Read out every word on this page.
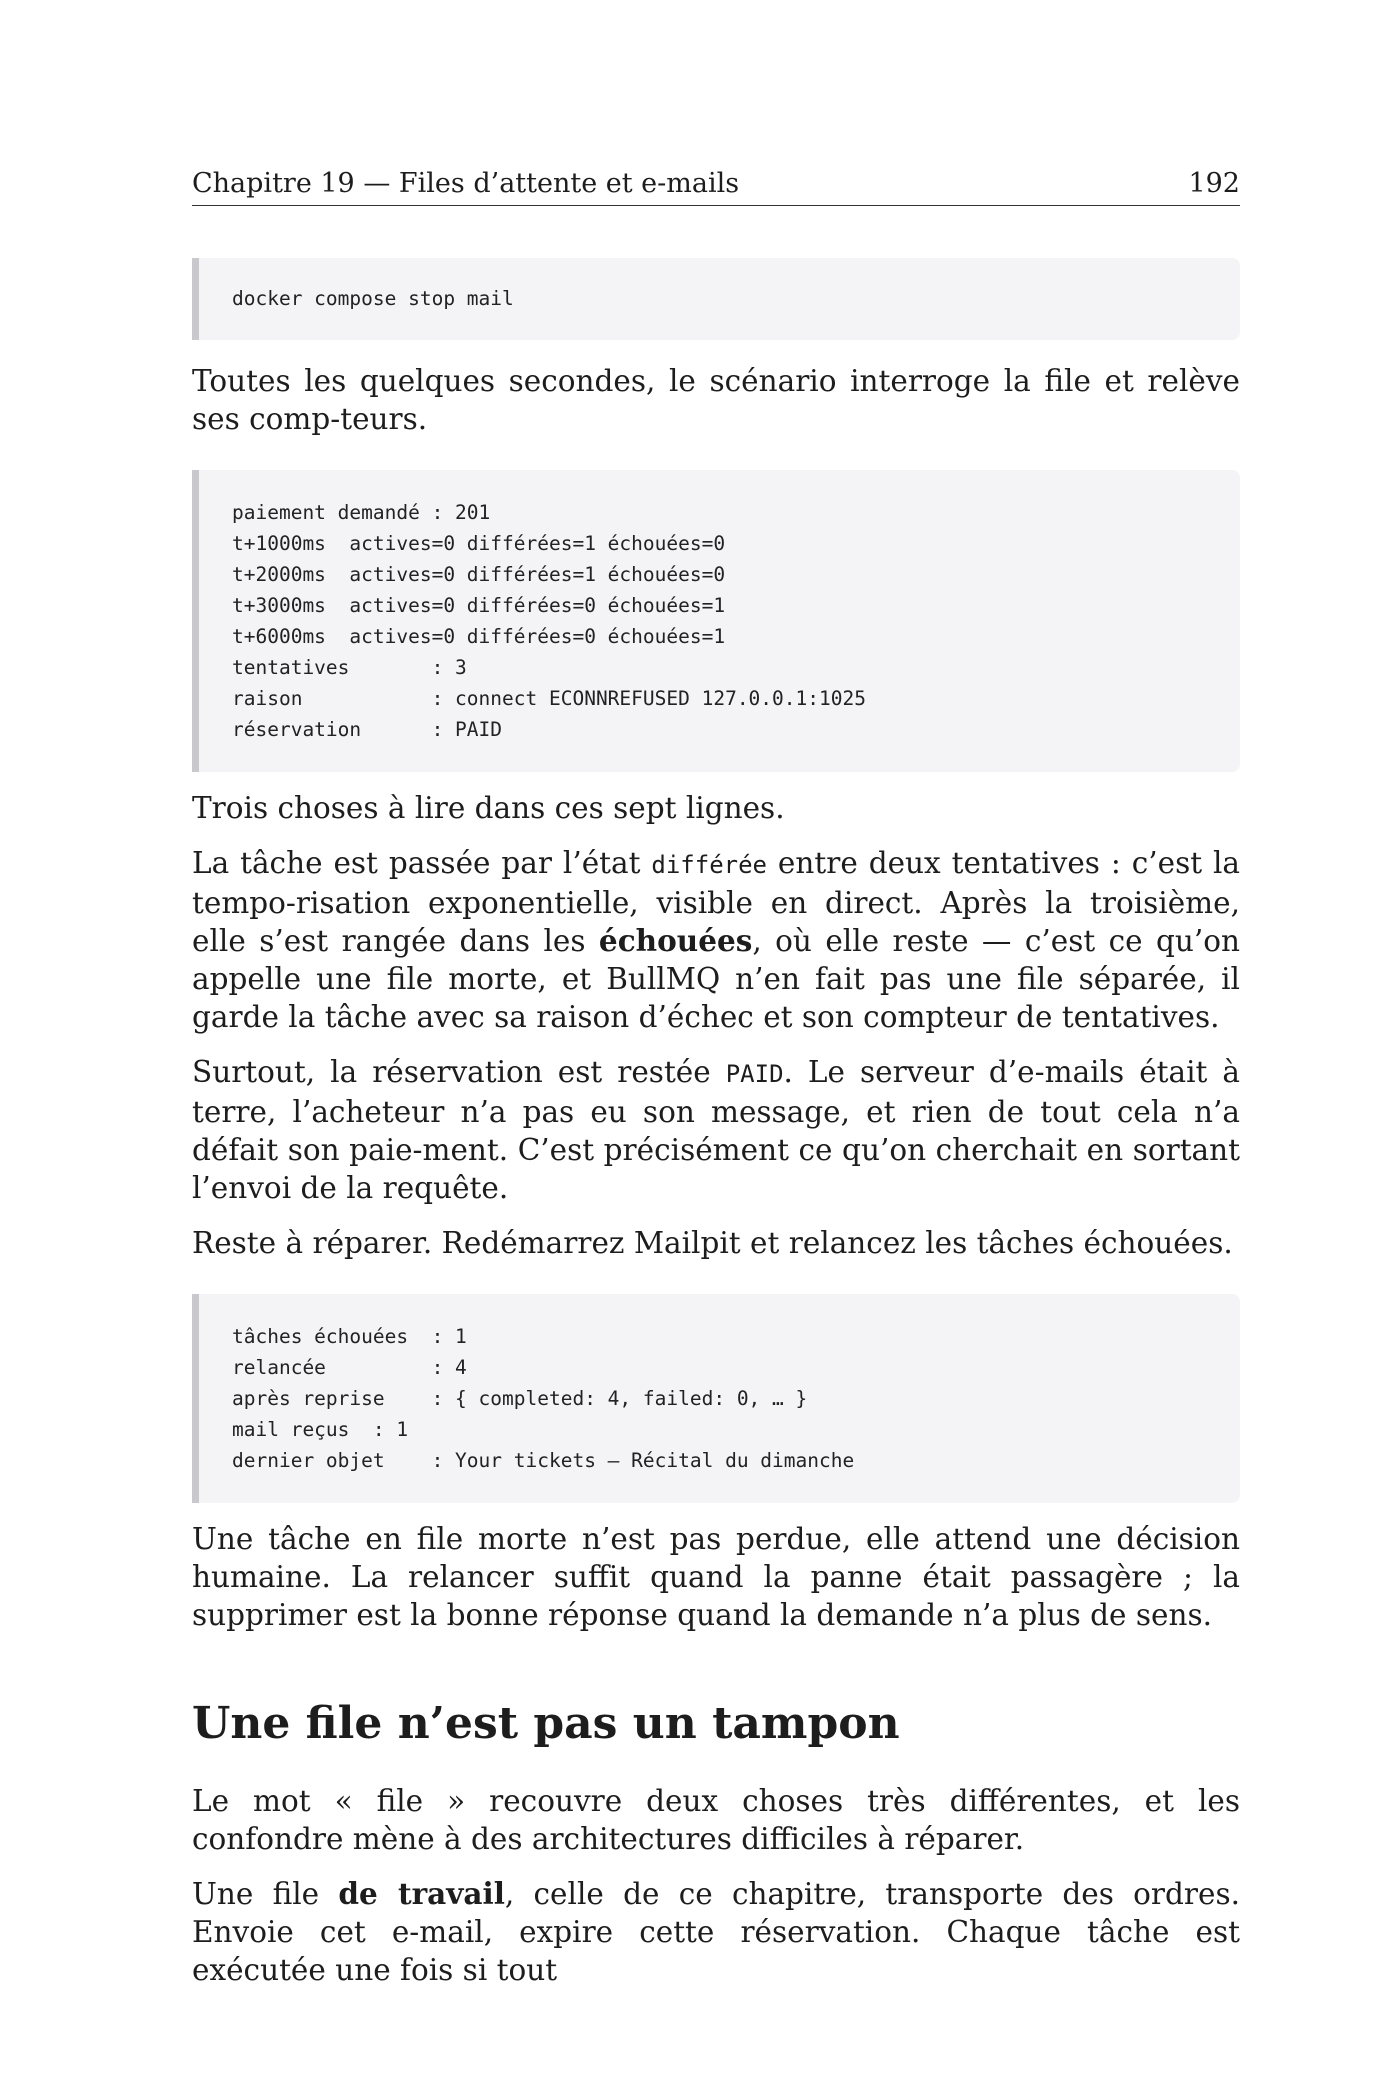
Chapitre 19 — Files d’attente et e-mails	192
docker compose stop mail

Toutes les quelques secondes, le scénario interroge la file et relève ses comp-teurs.

paiement demandé : 201
t+1000ms  actives=0 différées=1 échouées=0
t+2000ms  actives=0 différées=1 échouées=0
t+3000ms  actives=0 différées=0 échouées=1
t+6000ms  actives=0 différées=0 échouées=1
tentatives       : 3
raison           : connect ECONNREFUSED 127.0.0.1:1025
réservation      : PAID

Trois choses à lire dans ces sept lignes.

La tâche est passée par l’état différée entre deux tentatives : c’est la tempo-risation exponentielle, visible en direct. Après la troisième, elle s’est rangée dans les échouées, où elle reste — c’est ce qu’on appelle une file morte, et BullMQ n’en fait pas une file séparée, il garde la tâche avec sa raison d’échec et son compteur de tentatives.

Surtout, la réservation est restée PAID. Le serveur d’e-mails était à terre, l’acheteur n’a pas eu son message, et rien de tout cela n’a défait son paie-ment. C’est précisément ce qu’on cherchait en sortant l’envoi de la requête.

Reste à réparer. Redémarrez Mailpit et relancez les tâches échouées.

tâches échouées  : 1
relancée         : 4
après reprise    : { completed: 4, failed: 0, … }
mail reçus  : 1
dernier objet    : Your tickets — Récital du dimanche

Une tâche en file morte n’est pas perdue, elle attend une décision humaine. La relancer suffit quand la panne était passagère ; la supprimer est la bonne réponse quand la demande n’a plus de sens.

Une file n’est pas un tampon

Le mot « file » recouvre deux choses très différentes, et les confondre mène à des architectures difficiles à réparer.

Une file de travail, celle de ce chapitre, transporte des ordres. Envoie cet e-mail, expire cette réservation. Chaque tâche est exécutée une fois si tout
